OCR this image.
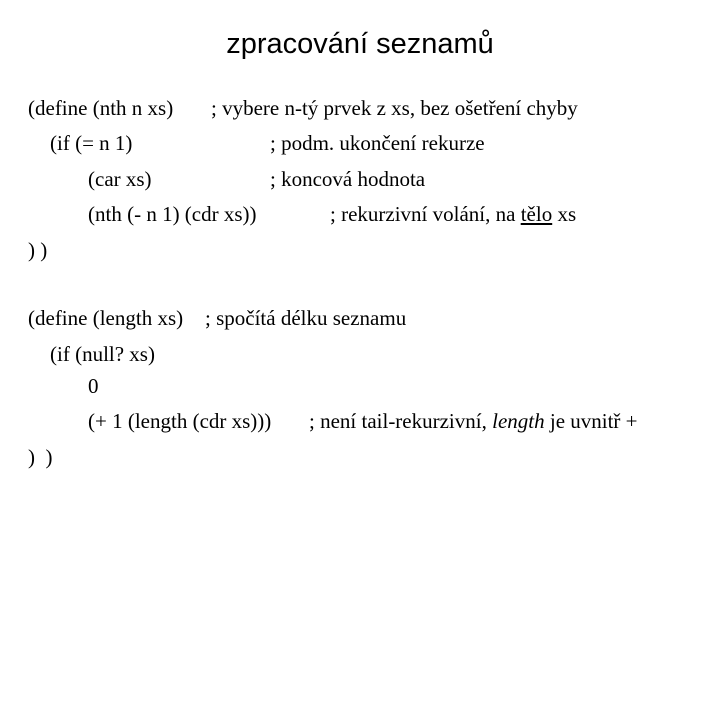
zpracování seznamů

(define (nth n xs)

; vybere n-tý prvek z xs, bez ošetření chyby

(if (= n 1)

	; podm. ukončení rekurze

(car xs)

	; koncová hodnota

(nth (- n 1) (cdr xs))

	; rekurzivní volání, na tělo xs

) )

(define (length xs)

; spočítá délku seznamu

(if (null? xs)

0

(+ 1 (length (cdr xs)))

; není tail-rekurzivní, length je uvnitř +

)  )
